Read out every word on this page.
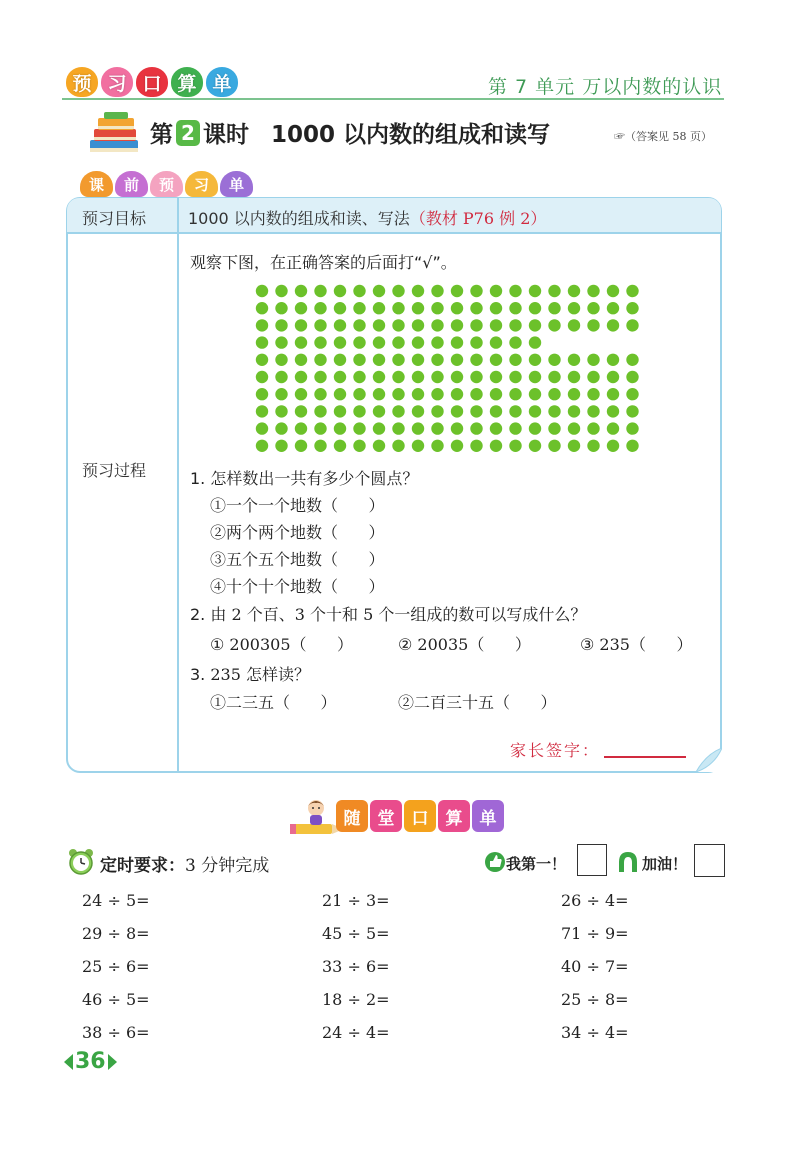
预 习 口 算 单	第 7 单元 万以内数的认识
第 2 课时 1000 以内数的组成和读写	☞（答案见 58 页）
课	前	预	习	单
预习目标	1000 以内数的组成和读、写法（教材 P76 例 2）
预习过程
观察下图，在正确答案的后面打“√”。
1. 怎样数出一共有多少个圆点？
①一个一个地数（      ）
②两个两个地数（      ）
③五个五个地数（      ）
④十个十个地数（      ）
2. 由 2 个百、3 个十和 5 个一组成的数可以写成什么？
① 200305（      ）	② 20035（      ）	③ 235（      ）
3. 235 怎样读？
①二三五（      ）	②二百三十五（      ）
家长签字：
随	堂	口	算	单
定时要求：3 分钟完成	我第一！	加油！
24 ÷ 5=	21 ÷ 3=	26 ÷ 4=
29 ÷ 8=	45 ÷ 5=	71 ÷ 9=
25 ÷ 6=	33 ÷ 6=	40 ÷ 7=
46 ÷ 5=	18 ÷ 2=	25 ÷ 8=
38 ÷ 6=	24 ÷ 4=	34 ÷ 4=
36
